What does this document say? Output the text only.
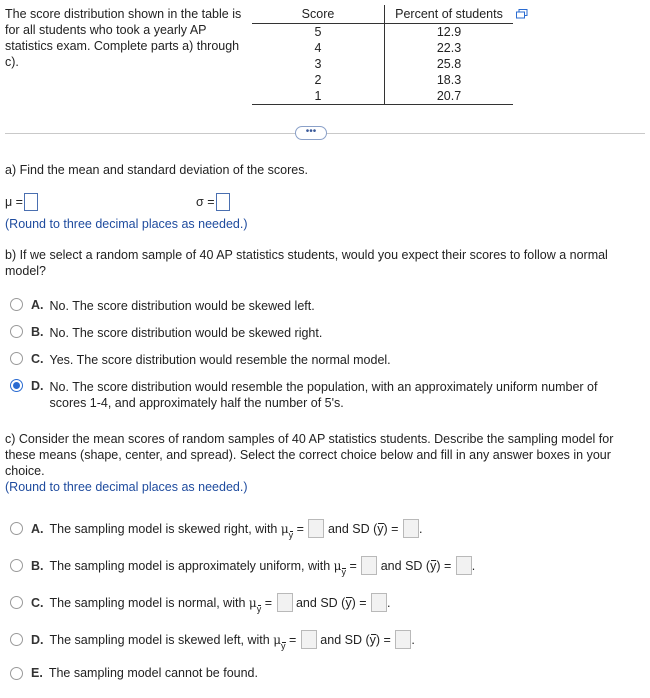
The score distribution shown in the table is for all students who took a yearly AP statistics exam. Complete parts a) through c).
Score	Percent of students
5	12.9
4	22.3
3	25.8
2	18.3
1	20.7
•••
a) Find the mean and standard deviation of the scores.
μ =	σ =
(Round to three decimal places as needed.)
b) If we select a random sample of 40 AP statistics students, would you expect their scores to follow a normal model?
A. No. The score distribution would be skewed left.
B. No. The score distribution would be skewed right.
C. Yes. The score distribution would resemble the normal model.
D. No. The score distribution would resemble the population, with an approximately uniform number of scores 1-4, and approximately half the number of 5's.
c) Consider the mean scores of random samples of 40 AP statistics students. Describe the sampling model for these means (shape, center, and spread). Select the correct choice below and fill in any answer boxes in your choice.
(Round to three decimal places as needed.)
A. The sampling model is skewed right, with
μ y
=

and SD ( y ) =
.
B. The sampling model is approximately uniform, with
μ y
=

and SD ( y ) =
.
C. The sampling model is normal, with
μ y
=

and SD ( y ) =
.
D. The sampling model is skewed left, with
μ y
=

and SD ( y ) =
.
E. The sampling model cannot be found.
